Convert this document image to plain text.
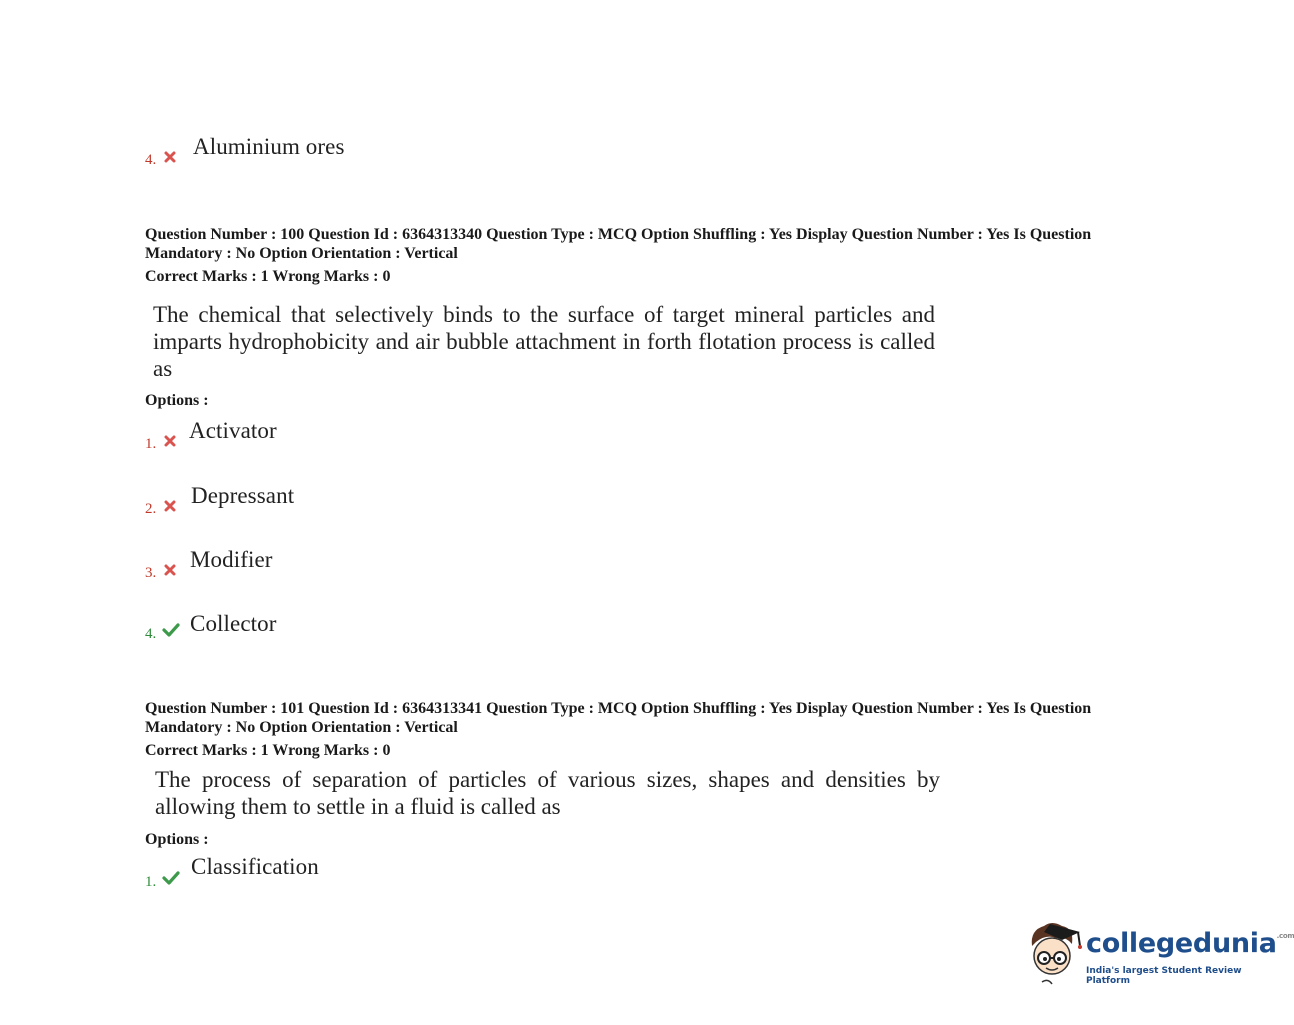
4.
Aluminium ores
Question Number : 100 Question Id : 6364313340 Question Type : MCQ Option Shuffling : Yes Display Question Number : Yes Is Question Mandatory : No Option Orientation : Vertical
Correct Marks : 1 Wrong Marks : 0
The chemical that selectively binds to the surface of target mineral particles and imparts hydrophobicity and air bubble attachment in forth flotation process is called as
Options :
1.
Activator
2.
Depressant
3.
Modifier
4. Collector
Question Number : 101 Question Id : 6364313341 Question Type : MCQ Option Shuffling : Yes Display Question Number : Yes Is Question Mandatory : No Option Orientation : Vertical
Correct Marks : 1 Wrong Marks : 0
The process of separation of particles of various sizes, shapes and densities by allowing them to settle in a fluid is called as
Options :
1.
Classification
collegedunia$^{.com}$
India's largest Student Review Platform
